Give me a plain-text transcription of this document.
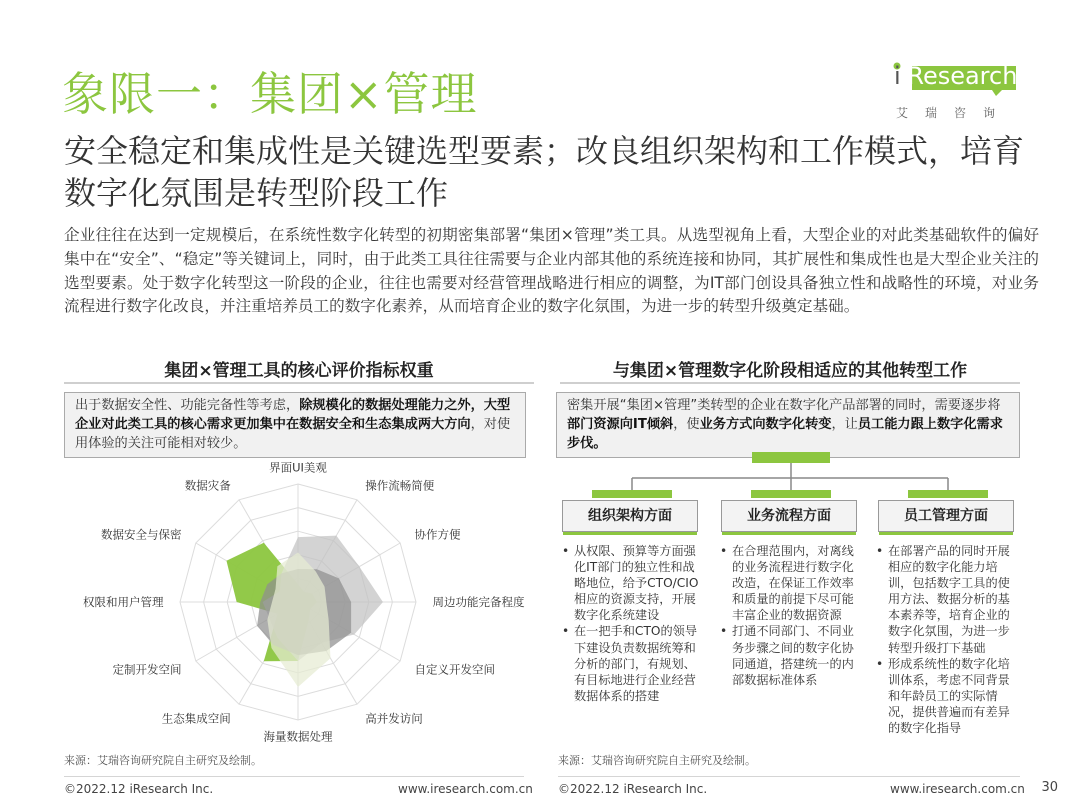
象限一：集团×管理	iiResearch
艾瑞咨询
安全稳定和集成性是关键选型要素；改良组织架构和工作模式，培育数字化氛围是转型阶段工作
企业往往在达到一定规模后，在系统性数字化转型的初期密集部署“集团×管理”类工具。从选型视角上看，大型企业的对此类基础软件的偏好集中在“安全”、“稳定”等关键词上，同时，由于此类工具往往需要与企业内部其他的系统连接和协同，其扩展性和集成性也是大型企业关注的选型要素。处于数字化转型这一阶段的企业，往往也需要对经营管理战略进行相应的调整，为IT部门创设具备独立性和战略性的环境，对业务流程进行数字化改良，并注重培养员工的数字化素养，从而培育企业的数字化氛围，为进一步的转型升级奠定基础。
集团×管理工具的核心评价指标权重
出于数据安全性、功能完备性等考虑，除规模化的数据处理能力之外，大型企业对此类工具的核心需求更加集中在数据安全和生态集成两大方向，对使用体验的关注可能相对较少。
界面UI美观
操作流畅简便
协作方便
周边功能完备程度
自定义开发空间
高并发访问
海量数据处理
生态集成空间
定制开发空间
权限和用户管理
数据安全与保密
数据灾备
来源：艾瑞咨询研究院自主研究及绘制。
与集团×管理数字化阶段相适应的其他转型工作
密集开展“集团×管理”类转型的企业在数字化产品部署的同时，需要逐步将部门资源向IT倾斜，使业务方式向数字化转变，让员工能力跟上数字化需求步伐。
组织架构方面	业务流程方面	员工管理方面
• 从权限、预算等方面强化IT部门的独立性和战略地位，给予CTO/CIO相应的资源支持，开展数字化系统建设
• 在一把手和CTO的领导下建设负责数据统筹和分析的部门，有规划、有目标地进行企业经营数据体系的搭建
• 在合理范围内，对离线的业务流程进行数字化改造，在保证工作效率和质量的前提下尽可能丰富企业的数据资源
• 打通不同部门、不同业务步骤之间的数字化协同通道，搭建统一的内部数据标准体系
• 在部署产品的同时开展相应的数字化能力培训，包括数字工具的使用方法、数据分析的基本素养等，培育企业的数字化氛围，为进一步转型升级打下基础
• 形成系统性的数字化培训体系，考虑不同背景和年龄员工的实际情况，提供普遍而有差异的数字化指导
来源：艾瑞咨询研究院自主研究及绘制。
©2022.12 iResearch Inc.	www.iresearch.com.cn ©2022.12 iResearch Inc.	www.iresearch.com.cn 30
